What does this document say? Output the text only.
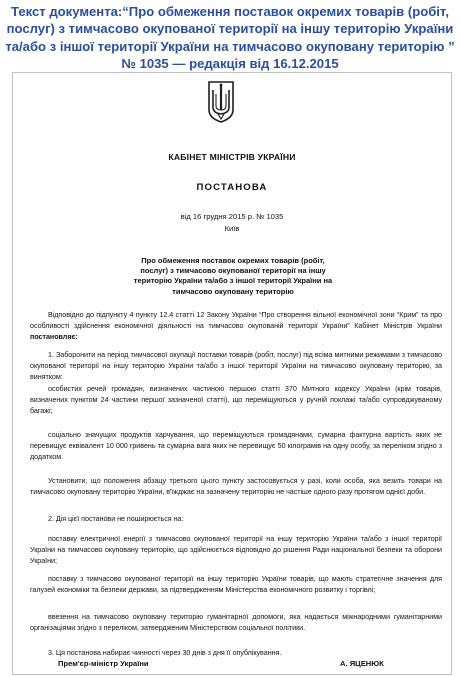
Текст документа:“Про обмеження поставок окремих товарів (робіт, послуг) з тимчасово окупованої території на іншу територію України та/або з іншої території України на тимчасово окуповану територію ” № 1035 — редакція від 16.12.2015
КАБІНЕТ МІНІСТРІВ УКРАЇНИ
ПОСТАНОВА
від 16 грудня 2015 р. № 1035
Київ
Про обмеження поставок окремих товарів (робіт, послуг) з тимчасово окупованої території на іншу територію України та/або з іншої території України на тимчасово окуповану територію
Відповідно до підпункту 4 пункту 12.4 статті 12 Закону України “Про створення вільної економічної зони “Крим” та про особливості здійснення економічної діяльності на тимчасово окупованій території України” Кабінет Міністрів України постановляє:
1. Заборонити на період тимчасової окупації поставки товарів (робіт, послуг) під всіма митними режимами з тимчасово окупованої території на іншу територію України та/або з іншої території України на тимчасово окуповану територію, за винятком:
особистих речей громадян, визначених частиною першою статті 370 Митного кодексу України (крім товарів, визначених пунктом 24 частини першої зазначеної статті), що переміщуються у ручній поклажі та/або супровджуваному багажі;
соціально значущих продуктів харчування, що переміщуються громадянами, сумарна фактурна вартість яких не перевищує еквівалент 10 000 гривень та сумарна вага яких не перевищує 50 кілограмів на одну особу, за переліком згідно з додатком.
Установити, що положення абзацу третього цього пункту застосовується у разі, коли особа, яка везить товари на тимчасово окуповану територію України, в'їжджає на зазначену територію не частіше одного разу протягом однієї доби.
2. Дія цієї постанови не поширюється на:
поставку електричної енергії з тимчасово окупованої території на іншу територію України та/або з іншої території України на тимчасово окуповану територію, що здійснюється відповідно до рішення Ради національної безпеки та оборони України;
поставку з тимчасово окупованої території на іншу територію України товарів, що мають стратегічне значення для галузей економіки та безпеки держави, за підтвердженням Міністерства економічного розвитку і торгівлі;
ввезення на тимчасово окуповану територію гуманітарної допомоги, яка надається міжнародними гуманітарними організаціями згідно з переліком, затвердженим Міністерством соціальної політики.
3. Ця постанова набирає чинності через 30 днів з дня її опублікування.
Прем'єр-міністр України	А. ЯЦЕНЮК
